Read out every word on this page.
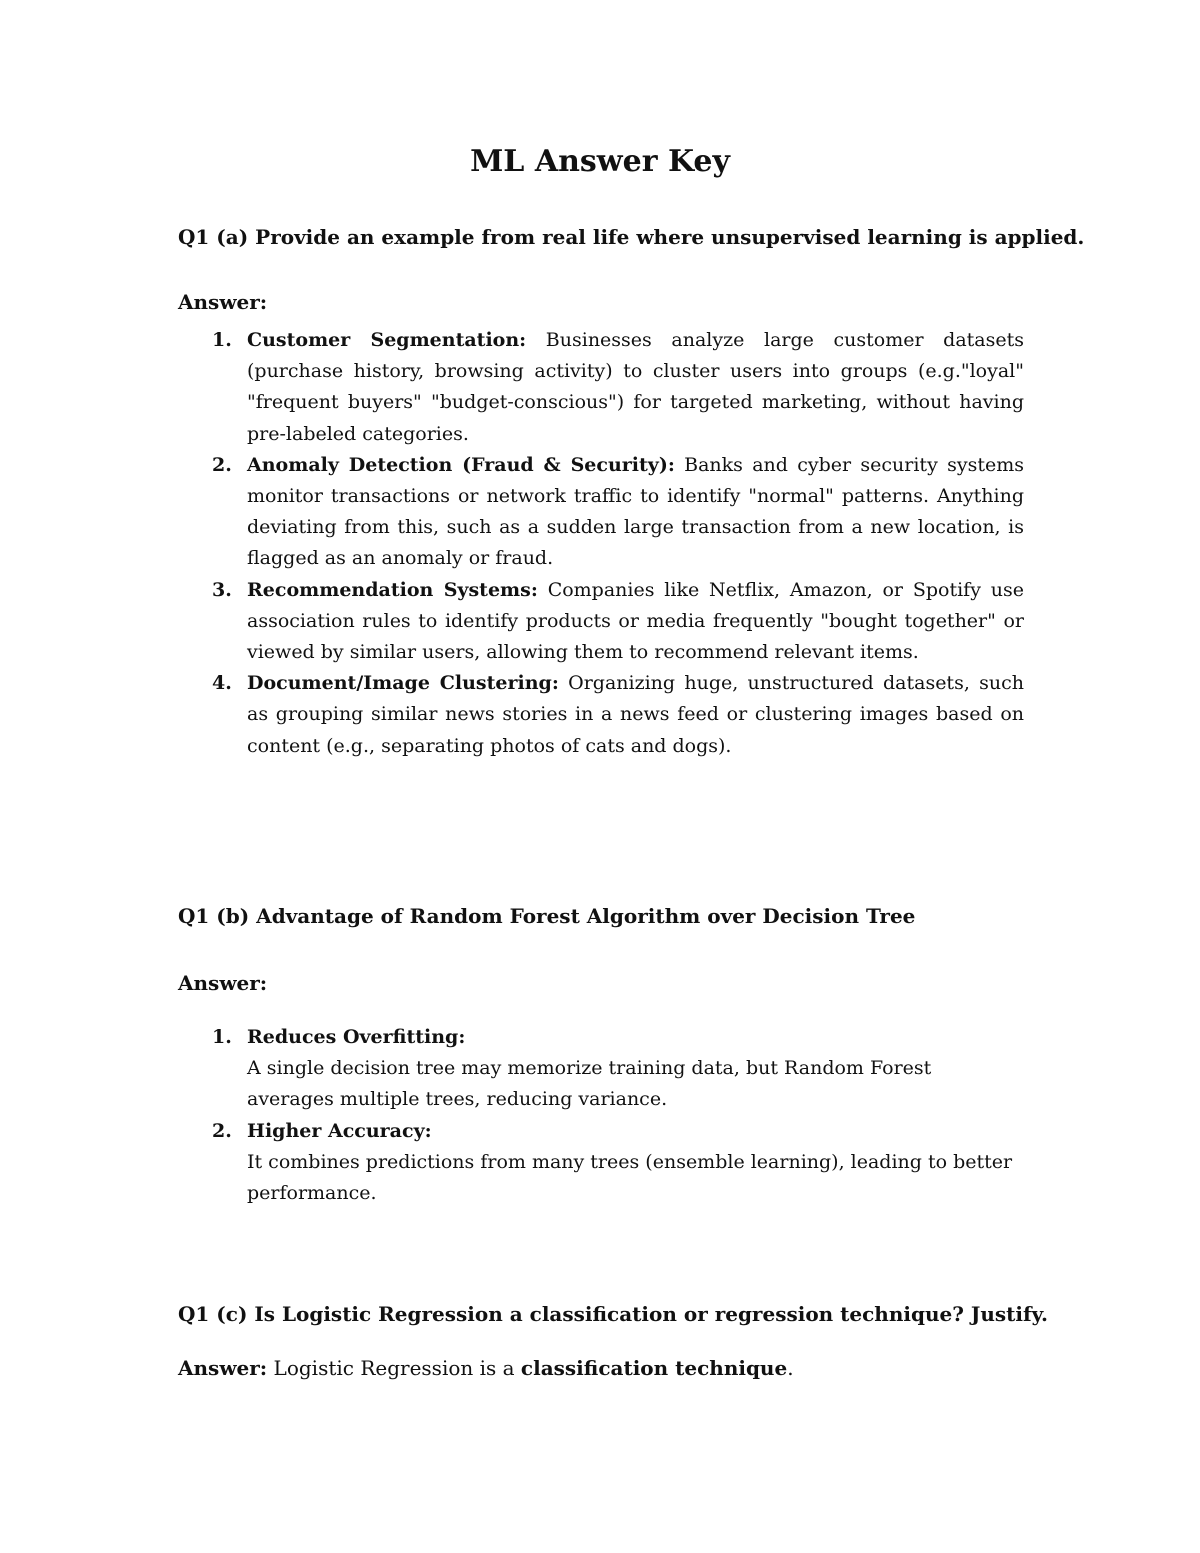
ML Answer Key
Q1 (a) Provide an example from real life where unsupervised learning is applied.
Answer:
1. Customer Segmentation: Businesses analyze large customer datasets (purchase history, browsing activity) to cluster users into groups (e.g."loyal" "frequent buyers" "budget-conscious") for targeted marketing, without having pre-labeled categories.
2. Anomaly Detection (Fraud & Security): Banks and cyber security systems monitor transactions or network traffic to identify "normal" patterns. Anything deviating from this, such as a sudden large transaction from a new location, is flagged as an anomaly or fraud.
3. Recommendation Systems: Companies like Netflix, Amazon, or Spotify use association rules to identify products or media frequently "bought together" or viewed by similar users, allowing them to recommend relevant items.
4. Document/Image Clustering: Organizing huge, unstructured datasets, such as grouping similar news stories in a news feed or clustering images based on content (e.g., separating photos of cats and dogs).
Q1 (b) Advantage of Random Forest Algorithm over Decision Tree
Answer:
1. Reduces Overfitting:
A single decision tree may memorize training data, but Random Forest averages multiple trees, reducing variance.
2. Higher Accuracy:
It combines predictions from many trees (ensemble learning), leading to better performance.
Q1 (c) Is Logistic Regression a classification or regression technique? Justify.
Answer: Logistic Regression is a classification technique.
